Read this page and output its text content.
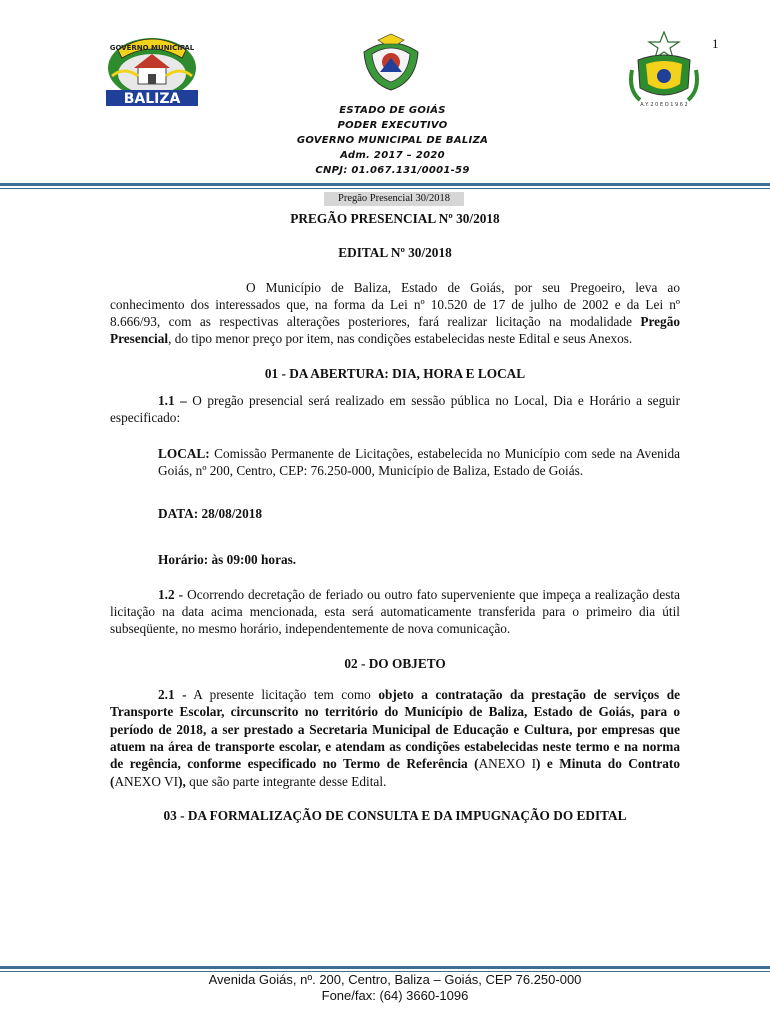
1
GOVERNO MUNICIPAL
BALIZA	A.Y. 2 0 E O 1 9 6 2
ESTADO DE GOIÁS
PODER EXECUTIVO
GOVERNO MUNICIPAL DE BALIZA
Adm. 2017 – 2020
CNPJ: 01.067.131/0001-59
Pregão Presencial 30/2018

PREGÃO PRESENCIAL Nº 30/2018

EDITAL Nº 30/2018

O Município de Baliza, Estado de Goiás, por seu Pregoeiro, leva ao conhecimento dos interessados que, na forma da Lei nº 10.520 de 17 de julho de 2002 e da Lei nº 8.666/93, com as respectivas alterações posteriores, fará realizar licitação na modalidade Pregão Presencial, do tipo menor preço por item, nas condições estabelecidas neste Edital e seus Anexos.

01 - DA ABERTURA: DIA, HORA E LOCAL

1.1 – O pregão presencial será realizado em sessão pública no Local, Dia e Horário a seguir especificado:

LOCAL: Comissão Permanente de Licitações, estabelecida no Município com sede na Avenida Goiás, nº 200, Centro, CEP: 76.250-000, Município de Baliza, Estado de Goiás.

DATA: 28/08/2018

Horário: às 09:00 horas.

1.2 - Ocorrendo decretação de feriado ou outro fato superveniente que impeça a realização desta licitação na data acima mencionada, esta será automaticamente transferida para o primeiro dia útil subseqüente, no mesmo horário, independentemente de nova comunicação.

02 - DO OBJETO

2.1 - A presente licitação tem como objeto a contratação da prestação de serviços de Transporte Escolar, circunscrito no território do Município de Baliza, Estado de Goiás, para o período de 2018, a ser prestado a Secretaria Municipal de Educação e Cultura, por empresas que atuem na área de transporte escolar, e atendam as condições estabelecidas neste termo e na norma de regência, conforme especificado no Termo de Referência (ANEXO I) e Minuta do Contrato (ANEXO VI), que são parte integrante desse Edital.

03 - DA FORMALIZAÇÃO DE CONSULTA E DA IMPUGNAÇÃO DO EDITAL

Avenida Goiás, nº. 200, Centro, Baliza – Goiás, CEP 76.250-000
Fone/fax: (64) 3660-1096
